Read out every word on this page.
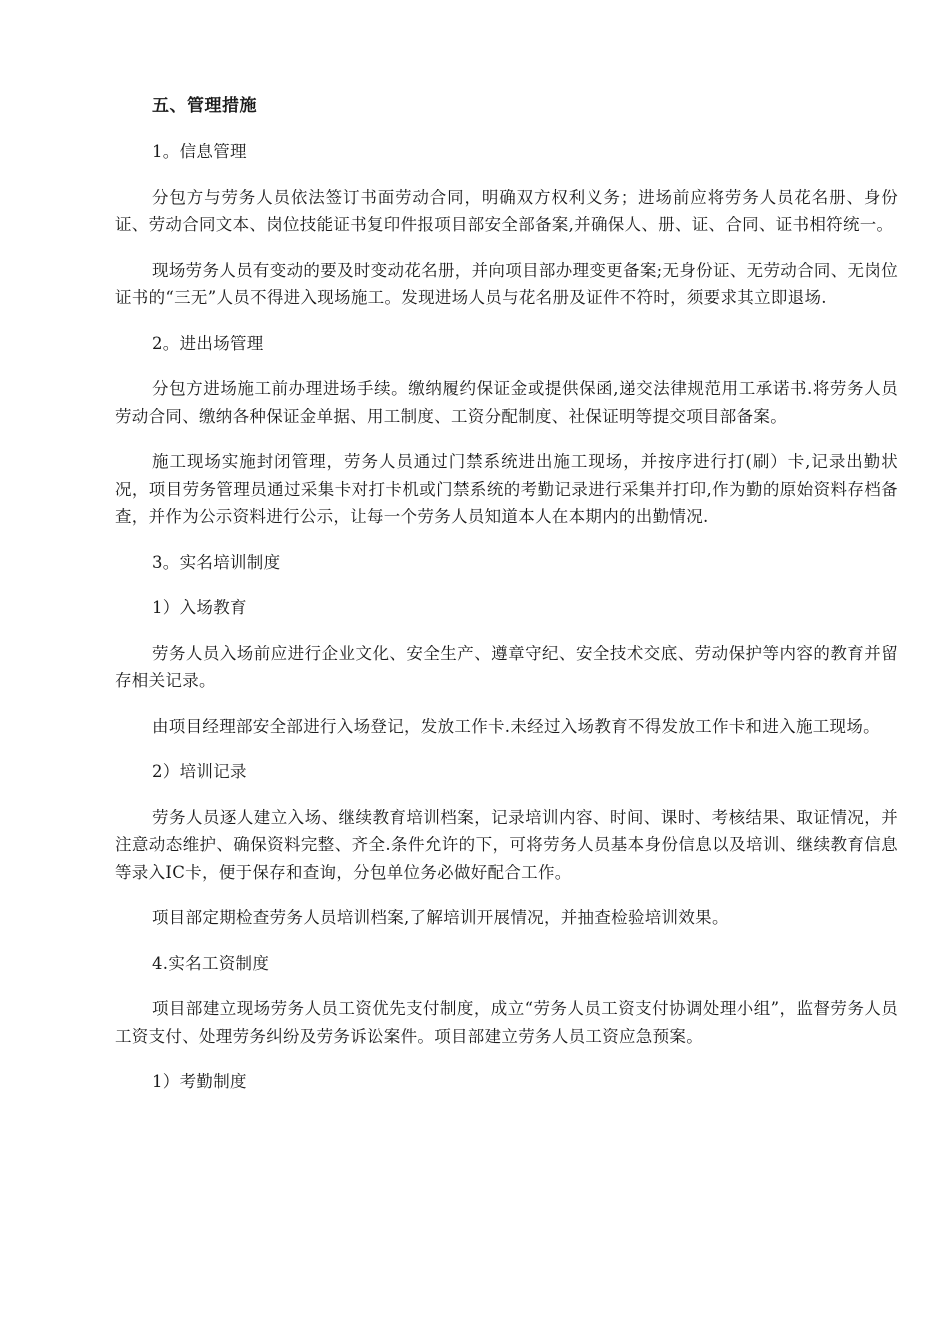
五、管理措施
1。信息管理
分包方与劳务人员依法签订书面劳动合同，明确双方权利义务；进场前应将劳务人员花名册、身份证、劳动合同文本、岗位技能证书复印件报项目部安全部备案,并确保人、册、证、合同、证书相符统一。
现场劳务人员有变动的要及时变动花名册，并向项目部办理变更备案;无身份证、无劳动合同、无岗位证书的“三无”人员不得进入现场施工。发现进场人员与花名册及证件不符时，须要求其立即退场.
2。进出场管理
分包方进场施工前办理进场手续。缴纳履约保证金或提供保函,递交法律规范用工承诺书.将劳务人员劳动合同、缴纳各种保证金单据、用工制度、工资分配制度、社保证明等提交项目部备案。
施工现场实施封闭管理，劳务人员通过门禁系统进出施工现场，并按序进行打(刷）卡,记录出勤状况，项目劳务管理员通过采集卡对打卡机或门禁系统的考勤记录进行采集并打印,作为勤的原始资料存档备查，并作为公示资料进行公示，让每一个劳务人员知道本人在本期内的出勤情况.
3。实名培训制度
1）入场教育
劳务人员入场前应进行企业文化、安全生产、遵章守纪、安全技术交底、劳动保护等内容的教育并留存相关记录。
由项目经理部安全部进行入场登记，发放工作卡.未经过入场教育不得发放工作卡和进入施工现场。
2）培训记录
劳务人员逐人建立入场、继续教育培训档案，记录培训内容、时间、课时、考核结果、取证情况，并注意动态维护、确保资料完整、齐全.条件允许的下，可将劳务人员基本身份信息以及培训、继续教育信息等录入IC卡，便于保存和查询，分包单位务必做好配合工作。
项目部定期检查劳务人员培训档案,了解培训开展情况，并抽查检验培训效果。
4.实名工资制度
项目部建立现场劳务人员工资优先支付制度，成立“劳务人员工资支付协调处理小组”，监督劳务人员工资支付、处理劳务纠纷及劳务诉讼案件。项目部建立劳务人员工资应急预案。
1）考勤制度
